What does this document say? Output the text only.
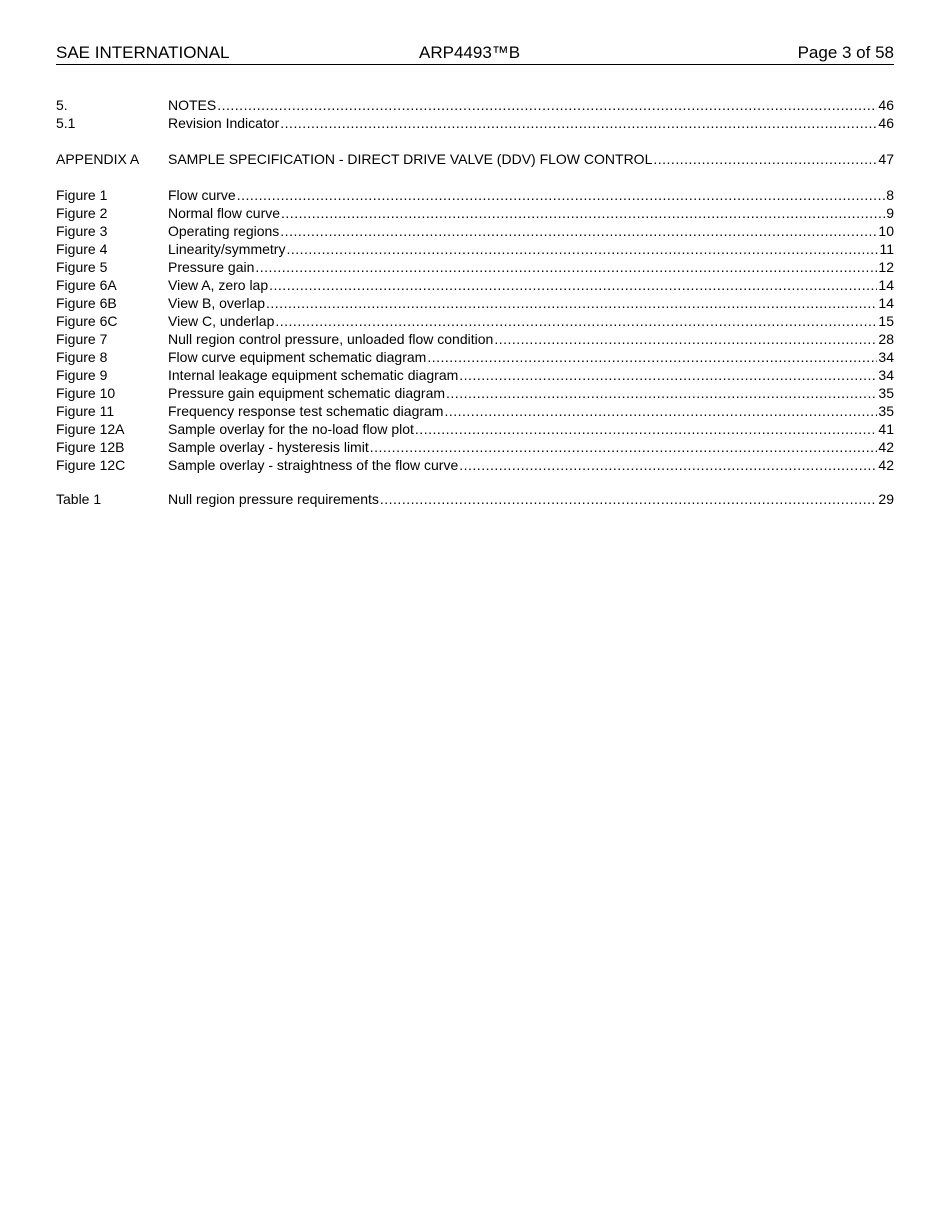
SAE INTERNATIONAL	ARP4493™B	Page 3 of 58
5.	NOTES .....	46
5.1	Revision Indicator .....	46
APPENDIX A	SAMPLE SPECIFICATION - DIRECT DRIVE VALVE (DDV) FLOW CONTROL .....	47
Figure 1	Flow curve .....	8
Figure 2	Normal flow curve .....	9
Figure 3	Operating regions .....	10
Figure 4	Linearity/symmetry .....	11
Figure 5	Pressure gain .....	12
Figure 6A	View A, zero lap .....	14
Figure 6B	View B, overlap .....	14
Figure 6C	View C, underlap .....	15
Figure 7	Null region control pressure, unloaded flow condition .....	28
Figure 8	Flow curve equipment schematic diagram .....	34
Figure 9	Internal leakage equipment schematic diagram .....	34
Figure 10	Pressure gain equipment schematic diagram .....	35
Figure 11	Frequency response test schematic diagram .....	35
Figure 12A	Sample overlay for the no-load flow plot .....	41
Figure 12B	Sample overlay - hysteresis limit .....	42
Figure 12C	Sample overlay - straightness of the flow curve .....	42
Table 1	Null region pressure requirements .....	29
